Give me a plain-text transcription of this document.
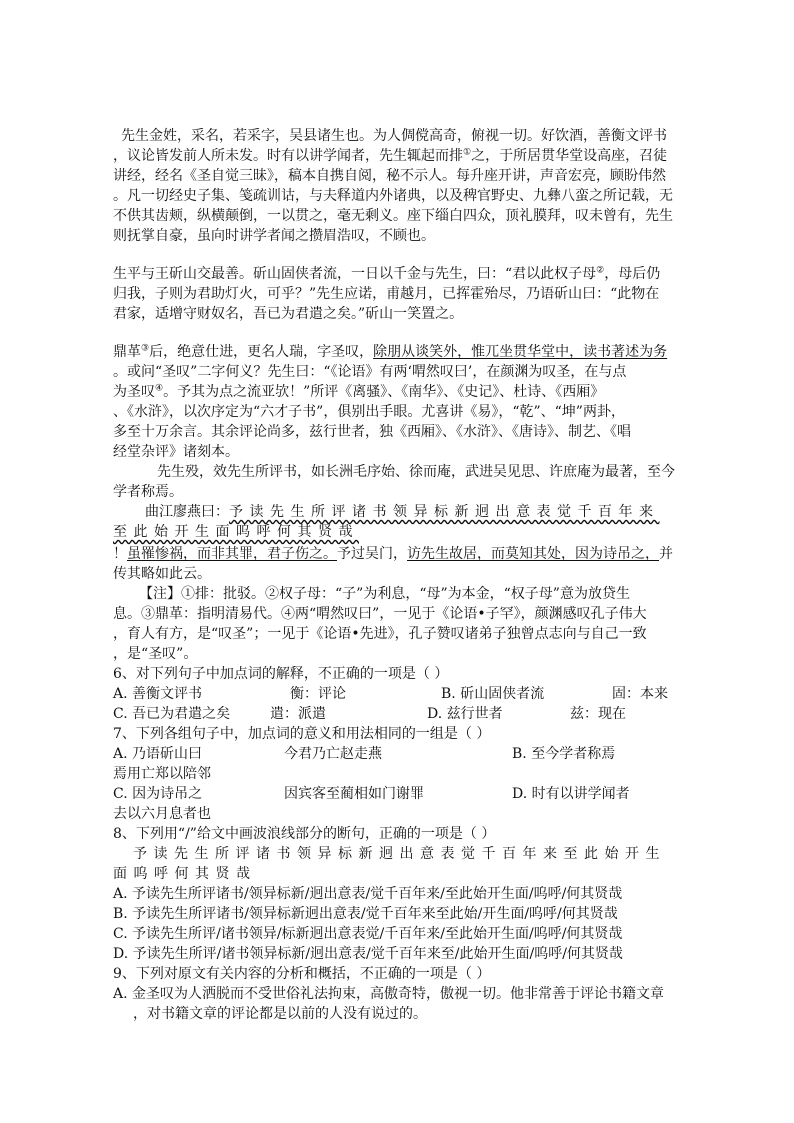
先生金姓，采名，若采字，吴县诸生也。为人倜傥高奇，俯视一切。好饮酒，善衡文评书
，议论皆发前人所未发。时有以讲学闻者，先生辄起而排①之，于所居贯华堂设高座，召徒
讲经，经名《圣自觉三昧》，稿本自携自阅，秘不示人。每升座开讲，声音宏亮，顾盼伟然
。凡一切经史子集、笺疏训诂，与夫释道内外诸典，以及稗官野史、九彝八蛮之所记载，无
不供其齿颊，纵横颠倒，一以贯之，毫无剩义。座下缁白四众，顶礼膜拜，叹未曾有，先生
则抚掌自豪，虽向时讲学者闻之攒眉浩叹，不顾也。
生平与王斫山交最善。斫山固侠者流，一日以千金与先生，曰：“君以此权子母②，母后仍
归我，子则为君助灯火，可乎？”先生应诺，甫越月，已挥霍殆尽，乃语斫山曰：“此物在
君家，适增守财奴名，吾已为君遣之矣。”斫山一笑置之。
鼎革③后，绝意仕进，更名人瑞，字圣叹，除朋从谈笑外，惟兀坐贯华堂中，读书著述为务
。或问“圣叹”二字何义？先生曰：“《论语》有两‘喟然叹曰’，在颜渊为叹圣，在与点
为圣叹④。予其为点之流亚欤！”所评《离骚》、《南华》、《史记》、杜诗、《西厢》
、《水浒》，以次序定为“六才子书”，俱别出手眼。尤喜讲《易》，“乾”、“坤”两卦，
多至十万余言。其余评论尚多，兹行世者，独《西厢》、《水浒》、《唐诗》、制艺、《唱
经堂杂评》诸刻本。
先生殁，效先生所评书，如长洲毛序始、徐而庵，武进吴见思、许庶庵为最著，至今
学者称焉。
曲江廖燕曰：予读先生所评诸书领异标新迥出意表觉千百年来
至此始开生面呜呼何其贤哉
！虽罹惨祸，而非其罪，君子伤之。予过吴门，访先生故居，而莫知其处，因为诗吊之，并
传其略如此云。
【注】①排：批驳。②权子母：“子”为利息，“母”为本金，“权子母”意为放贷生
息。③鼎革：指明清易代。④两“喟然叹曰”，一见于《论语•子罕》，颜渊感叹孔子伟大
，育人有方，是“叹圣”；一见于《论语•先进》，孔子赞叹诸弟子独曾点志向与自己一致
，是“圣叹”。
6、对下列句子中加点词的解释，不正确的一项是（ ）
A. 善衡文评书	衡：评论	B. 斫山固侠者流	固：本来
C. 吾已为君遣之矣	遣：派遣	D. 兹行世者	兹：现在
7、下列各组句子中，加点词的意义和用法相同的一组是（ ）
A. 乃语斫山曰	今君乃亡赵走燕	B. 至今学者称焉
焉用亡郑以陪邻
C. 因为诗吊之	因宾客至蔺相如门谢罪	D. 时有以讲学闻者
去以六月息者也
8、下列用“/”给文中画波浪线部分的断句，正确的一项是（ ）
予读先生所评诸书领异标新迥出意表觉千百年来至此始开生
面呜呼何其贤哉
A. 予读先生所评诸书/领异标新/迥出意表/觉千百年来/至此始开生面/呜呼/何其贤哉
B. 予读先生所评诸书/领异标新迥出意表/觉千百年来至此始/开生面/呜呼/何其贤哉
C. 予读先生所评/诸书领异/标新迥出意表觉/千百年来/至此始开生面/呜呼/何其贤哉
D. 予读先生所评/诸书领异标新/迥出意表/觉千百年来至/此始开生面/呜呼/何其贤哉
9、下列对原文有关内容的分析和概括，不正确的一项是（ ）
A. 金圣叹为人洒脱而不受世俗礼法拘束，高傲奇特，傲视一切。他非常善于评论书籍文章
，对书籍文章的评论都是以前的人没有说过的。
